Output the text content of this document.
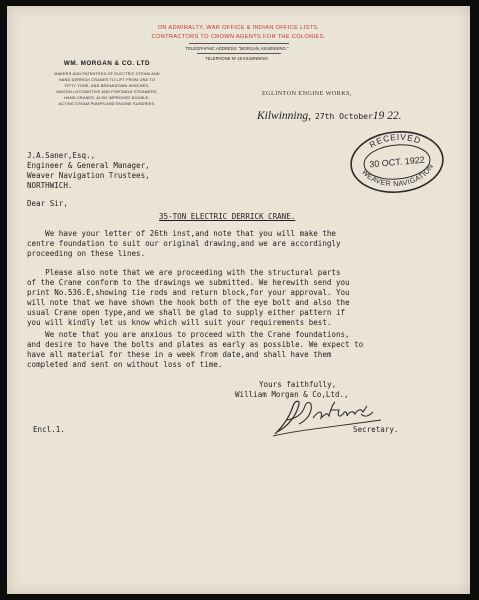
ON ADMIRALTY, WAR OFFICE & INDIAN OFFICE LISTS.
CONTRACTORS TO CROWN AGENTS FOR THE COLONIES.
TELEGRAPHIC ADDRESS: "MORGAN, KILWINNING."
TELEPHONE Nº 18 KILWINNING.
WM. MORGAN & CO. LTD
MAKERS AND PATENTEES OF ELECTRIC STEAM AND
HAND DERRICK CRANES TO LIFT FROM ONE TO
FIFTY TONS, AND BREAKDOWN WINCHES,
WAGON LOCOMOTIVE AND PORTABLE STEAMERS,
HAND CRANES, ALSO IMPROVED DOUBLE-
ACTING STEAM PUMPS AND ENGINE SUNDRIES.
EGLINTON ENGINE WORKS,
Kilwinning, 27th October19 22.
RECEIVED
30 OCT. 1922
WEAVER NAVIGATION
J.A.Saner,Esq.,
Engineer & General Manager,
Weaver Navigation Trustees,
NORTHWICH.
Dear Sir,
35-TON ELECTRIC DERRICK CRANE.
We have your letter of 26th inst,and note that you will make the
centre foundation to suit our original drawing,and we are accordingly
proceeding on these lines.
Please also note that we are proceeding with the structural parts
of the Crane conform to the drawings we submitted. We herewith send you
print No.536.E,showing tie rods and return block,for your approval. You
will note that we have shown the hook both of the eye bolt and also the
usual Crane open type,and we shall be glad to supply either pattern if
you will kindly let us know which will suit your requirements best.
We note that you are anxious to proceed with the Crane foundations,
and desire to have the bolts and plates as early as possible. We expect to
have all material for these in a week from date,and shall have them
completed and sent on without loss of time.
Yours faithfully,
William Morgan & Co,Ltd.,
Encl.1.	Secretary.
